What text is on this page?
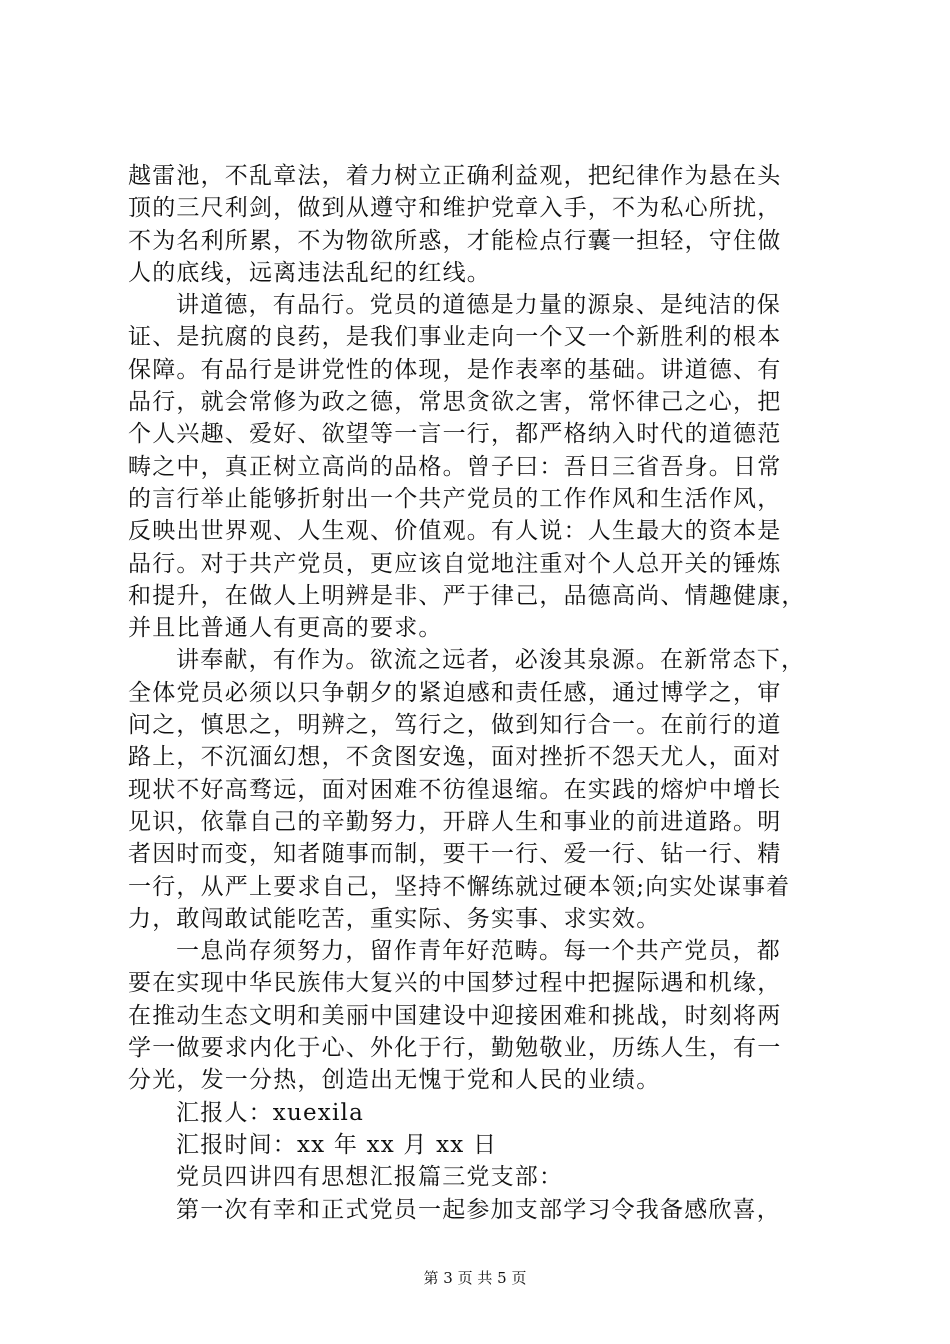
越雷池，不乱章法，着力树立正确利益观，把纪律作为悬在头
顶的三尺利剑，做到从遵守和维护党章入手，不为私心所扰，
不为名利所累，不为物欲所惑，才能检点行囊一担轻，守住做
人的底线，远离违法乱纪的红线。
讲道德，有品行。党员的道德是力量的源泉、是纯洁的保
证、是抗腐的良药，是我们事业走向一个又一个新胜利的根本
保障。有品行是讲党性的体现，是作表率的基础。讲道德、有
品行，就会常修为政之德，常思贪欲之害，常怀律己之心，把
个人兴趣、爱好、欲望等一言一行，都严格纳入时代的道德范
畴之中，真正树立高尚的品格。曾子曰：吾日三省吾身。日常
的言行举止能够折射出一个共产党员的工作作风和生活作风，
反映出世界观、人生观、价值观。有人说：人生最大的资本是
品行。对于共产党员，更应该自觉地注重对个人总开关的锤炼
和提升，在做人上明辨是非、严于律己，品德高尚、情趣健康，
并且比普通人有更高的要求。
讲奉献，有作为。欲流之远者，必浚其泉源。在新常态下，
全体党员必须以只争朝夕的紧迫感和责任感，通过博学之，审
问之，慎思之，明辨之，笃行之，做到知行合一。在前行的道
路上，不沉湎幻想，不贪图安逸，面对挫折不怨天尤人，面对
现状不好高骛远，面对困难不彷徨退缩。在实践的熔炉中增长
见识，依靠自己的辛勤努力，开辟人生和事业的前进道路。明
者因时而变，知者随事而制，要干一行、爱一行、钻一行、精
一行，从严上要求自己，坚持不懈练就过硬本领;向实处谋事着
力，敢闯敢试能吃苦，重实际、务实事、求实效。
一息尚存须努力，留作青年好范畴。每一个共产党员，都
要在实现中华民族伟大复兴的中国梦过程中把握际遇和机缘，
在推动生态文明和美丽中国建设中迎接困难和挑战，时刻将两
学一做要求内化于心、外化于行，勤勉敬业，历练人生，有一
分光，发一分热，创造出无愧于党和人民的业绩。
汇报人：xuexila
汇报时间：xx 年 xx 月 xx 日
党员四讲四有思想汇报篇三党支部：
第一次有幸和正式党员一起参加支部学习令我备感欣喜，
第 3 页 共 5 页
